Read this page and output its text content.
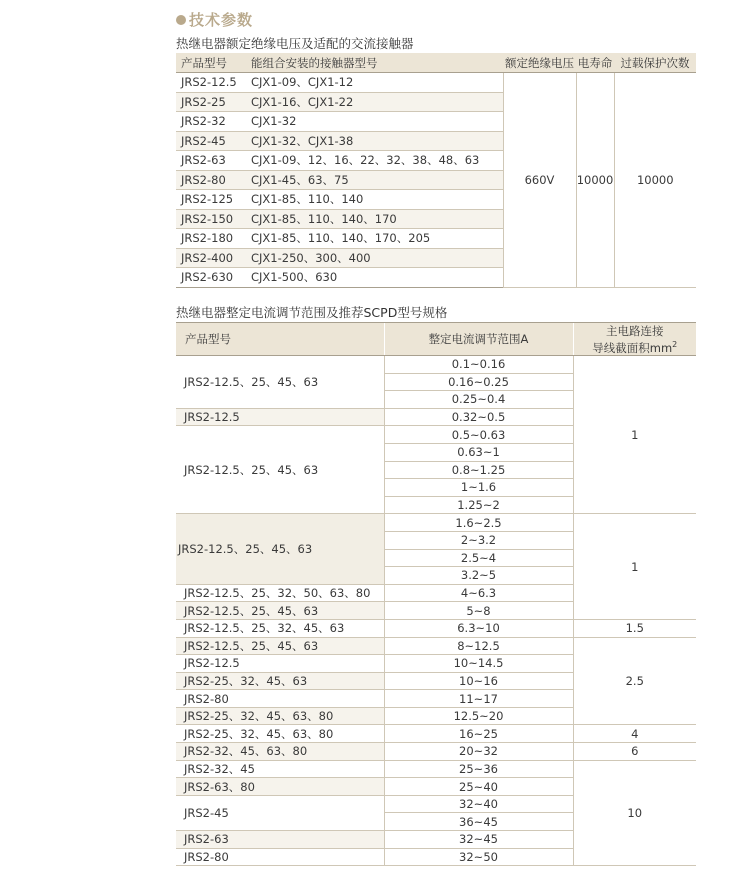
技术参数
热继电器额定绝缘电压及适配的交流接触器
产品型号	能组合安装的接触器型号	额定绝缘电压	电寿命	过载保护次数
JRS2-12.5	CJX1-09、CJX1-12	660V	10000	10000
JRS2-25	CJX1-16、CJX1-22			
JRS2-32	CJX1-32			
JRS2-45	CJX1-32、CJX1-38			
JRS2-63	CJX1-09、12、16、22、32、38、48、63			
JRS2-80	CJX1-45、63、75			
JRS2-125	CJX1-85、110、140			
JRS2-150	CJX1-85、110、140、170			
JRS2-180	CJX1-85、110、140、170、205			
JRS2-400	CJX1-250、300、400			
JRS2-630	CJX1-500、630			
热继电器整定电流调节范围及推荐SCPD型号规格
产品型号	整定电流调节范围A	主电路连接
导线截面积$mm^2$
JRS2-12.5、25、45、63	0.1~0.16	1
	0.16~0.25	
	0.25~0.4	
JRS2-12.5	0.32~0.5	
JRS2-12.5、25、45、63	0.5~0.63	
	0.63~1	
	0.8~1.25	
	1~1.6	
	1.25~2	
JRS2-12.5、25、45、63	1.6~2.5	1
	2~3.2	
	2.5~4	
	3.2~5	
JRS2-12.5、25、32、50、63、80	4~6.3	
JRS2-12.5、25、45、63	5~8	
JRS2-12.5、25、32、45、63	6.3~10	1.5
JRS2-12.5、25、45、63	8~12.5	2.5
JRS2-12.5	10~14.5	
JRS2-25、32、45、63	10~16	
JRS2-80	11~17	
JRS2-25、32、45、63、80	12.5~20	
JRS2-25、32、45、63、80	16~25	4
JRS2-32、45、63、80	20~32	6
JRS2-32、45	25~36	10
JRS2-63、80	25~40	
JRS2-45	32~40	
	36~45	
JRS2-63	32~45	
JRS2-80	32~50	
